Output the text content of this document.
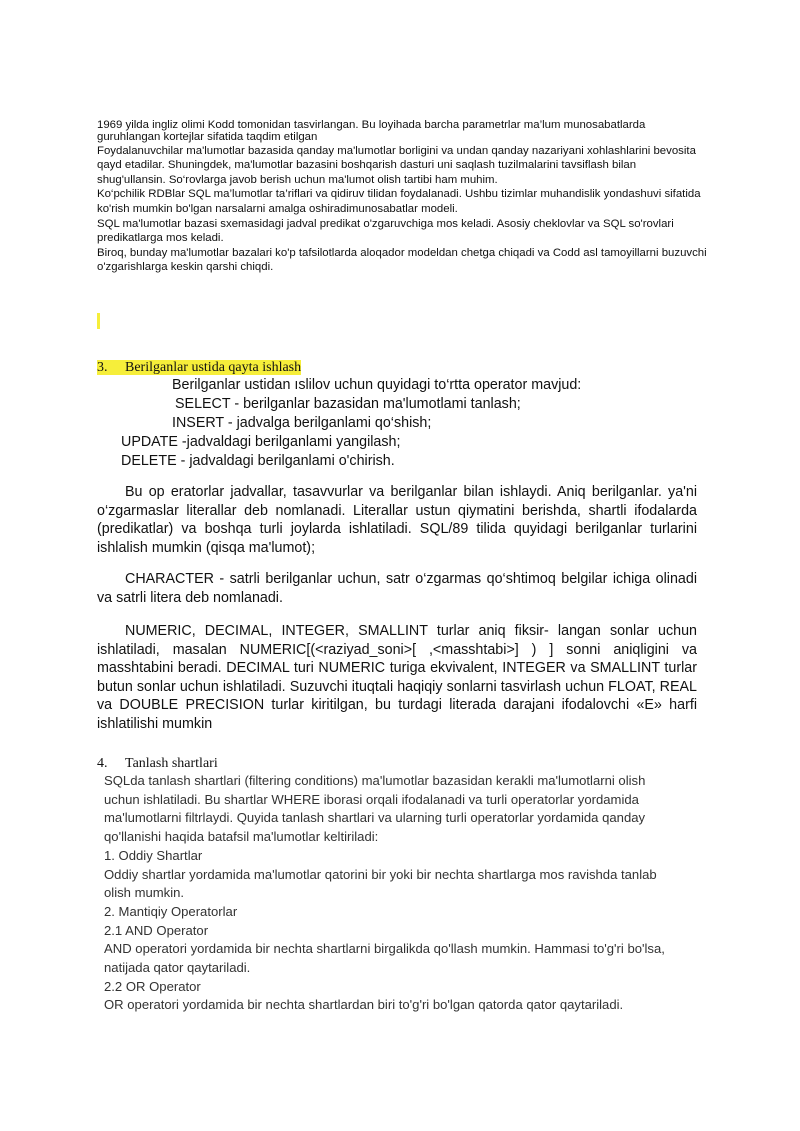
1969 yilda ingliz olimi Kodd tomonidan tasvirlangan. Bu loyihada barcha parametrlar ma’lum munosabatlarda guruhlangan kortejlar sifatida taqdim etilgan

Foydalanuvchilar ma'lumotlar bazasida qanday ma'lumotlar borligini va undan qanday nazariyani xohlashlarini bevosita qayd etadilar. Shuningdek, ma'lumotlar bazasini boshqarish dasturi uni saqlash tuzilmalarini tavsiflash bilan shug'ullansin. So‘rovlarga javob berish uchun ma'lumot olish tartibi ham muhim.

Ko‘pchilik RDBlar SQL ma’lumotlar ta’riflari va qidiruv tilidan foydalanadi. Ushbu tizimlar muhandislik yondashuvi sifatida ko'rish mumkin bo'lgan narsalarni amalga oshiradimunosabatlar modeli.

SQL ma'lumotlar bazasi sxemasidagi jadval predikat o'zgaruvchiga mos keladi. Asosiy cheklovlar va SQL so'rovlari predikatlarga mos keladi.

Biroq, bunday ma'lumotlar bazalari ko'p tafsilotlarda aloqador modeldan chetga chiqadi va Codd asl tamoyillarni buzuvchi o'zgarishlarga keskin qarshi chiqdi.

3. Berilganlar ustida qayta ishlash
Berilganlar ustidan ıslilov uchun quyidagi to‘rtta operator mavjud:
SELECT - berilganlar bazasidan ma'lumotlami tanlash;
INSERT - jadvalga berilganlami qo‘shish;
UPDATE -jadvaldagi berilganlami yangilash;
DELETE - jadvaldagi berilganlami o'chirish.

Bu op eratorlar jadvallar, tasavvurlar va berilganlar bilan ishlaydi. Aniq berilganlar. ya'ni o‘zgarmaslar literallar deb nomlanadi. Literallar ustun qiymatini berishda, shartli ifodalarda (predikatlar) va boshqa turli joylarda ishlatiladi. SQL/89 tilida quyidagi berilganlar turlarini ishlalish mumkin (qisqa ma'lumot);

CHARACTER - satrli berilganlar uchun, satr o‘zgarmas qo‘shtimoq belgilar ichiga olinadi va satrli litera deb nomlanadi.

NUMERIC, DECIMAL, INTEGER, SMALLINT turlar aniq fiksir- langan sonlar uchun ishlatiladi, masalan NUMERIC[(<raziyad_soni>[ ,<masshtabi>] ) ] sonni aniqligini va masshtabini beradi. DECIMAL turi NUMERIC turiga ekvivalent, INTEGER va SMALLINT turlar butun sonlar uchun ishlatiladi. Suzuvchi ituqtali haqiqiy sonlarni tasvirlash uchun FLOAT, REAL va DOUBLE PRECISION turlar kiritilgan, bu turdagi literada darajani ifodalovchi «E» harfi ishlatilishi mumkin

4. Tanlash shartlari

SQLda tanlash shartlari (filtering conditions) ma'lumotlar bazasidan kerakli ma'lumotlarni olish uchun ishlatiladi. Bu shartlar WHERE iborasi orqali ifodalanadi va turli operatorlar yordamida ma'lumotlarni filtrlaydi. Quyida tanlash shartlari va ularning turli operatorlar yordamida qanday qo'llanishi haqida batafsil ma'lumotlar keltiriladi:

1. Oddiy Shartlar

Oddiy shartlar yordamida ma'lumotlar qatorini bir yoki bir nechta shartlarga mos ravishda tanlab olish mumkin.

2. Mantiqiy Operatorlar

2.1 AND Operator

AND operatori yordamida bir nechta shartlarni birgalikda qo'llash mumkin. Hammasi to'g'ri bo'lsa, natijada qator qaytariladi.

2.2 OR Operator

OR operatori yordamida bir nechta shartlardan biri to'g'ri bo'lgan qatorda qator qaytariladi.
